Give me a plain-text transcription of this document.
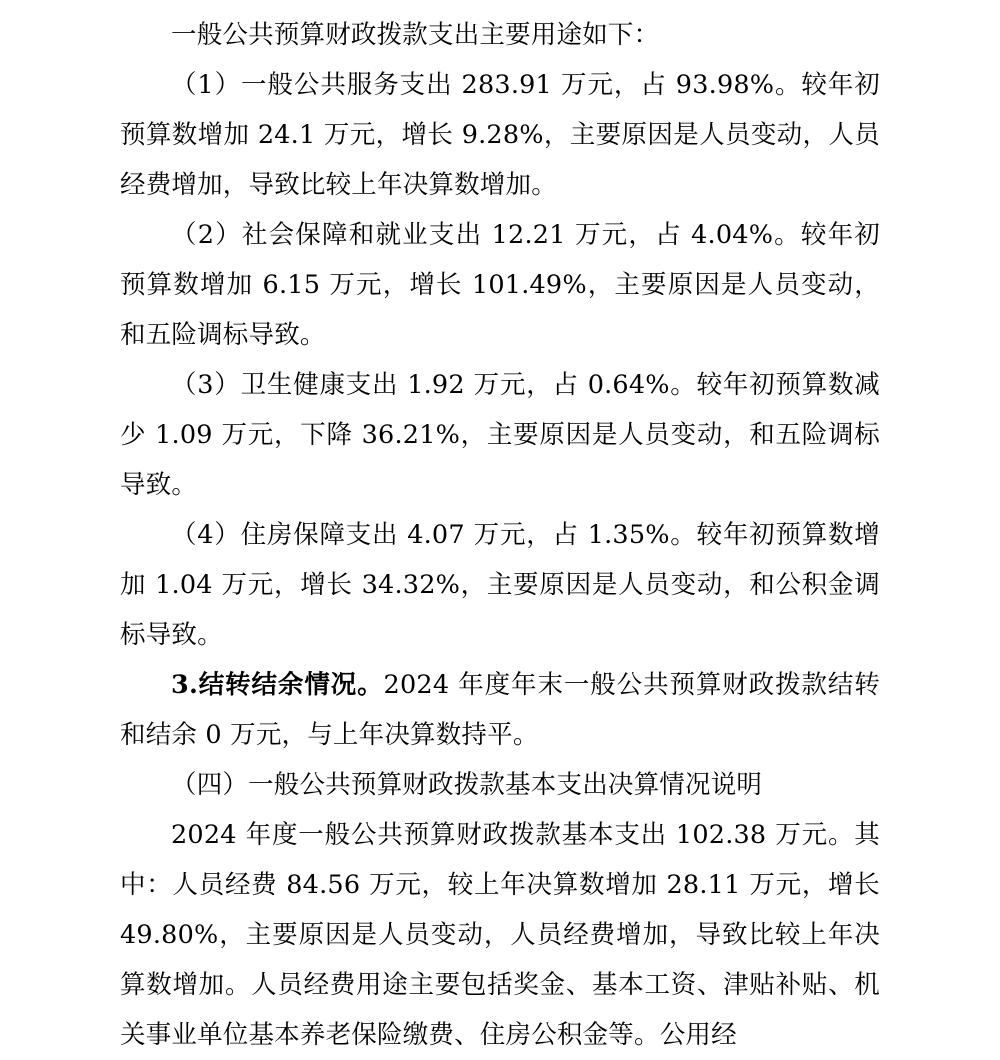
一般公共预算财政拨款支出主要用途如下：

（1）一般公共服务支出 283.91 万元，占 93.98%。较年初预算数增加 24.1 万元，增长 9.28%，主要原因是人员变动，人员经费增加，导致比较上年决算数增加。

（2）社会保障和就业支出 12.21 万元，占 4.04%。较年初预算数增加 6.15 万元，增长 101.49%，主要原因是人员变动，和五险调标导致。

（3）卫生健康支出 1.92 万元，占 0.64%。较年初预算数减少 1.09 万元，下降 36.21%，主要原因是人员变动，和五险调标导致。

（4）住房保障支出 4.07 万元，占 1.35%。较年初预算数增加 1.04 万元，增长 34.32%，主要原因是人员变动，和公积金调标导致。

3.结转结余情况。2024 年度年末一般公共预算财政拨款结转和结余 0 万元，与上年决算数持平。

（四）一般公共预算财政拨款基本支出决算情况说明

2024 年度一般公共预算财政拨款基本支出 102.38 万元。其中：人员经费 84.56 万元，较上年决算数增加 28.11 万元，增长 49.80%，主要原因是人员变动，人员经费增加，导致比较上年决算数增加。人员经费用途主要包括奖金、基本工资、津贴补贴、机关事业单位基本养老保险缴费、住房公积金等。公用经
